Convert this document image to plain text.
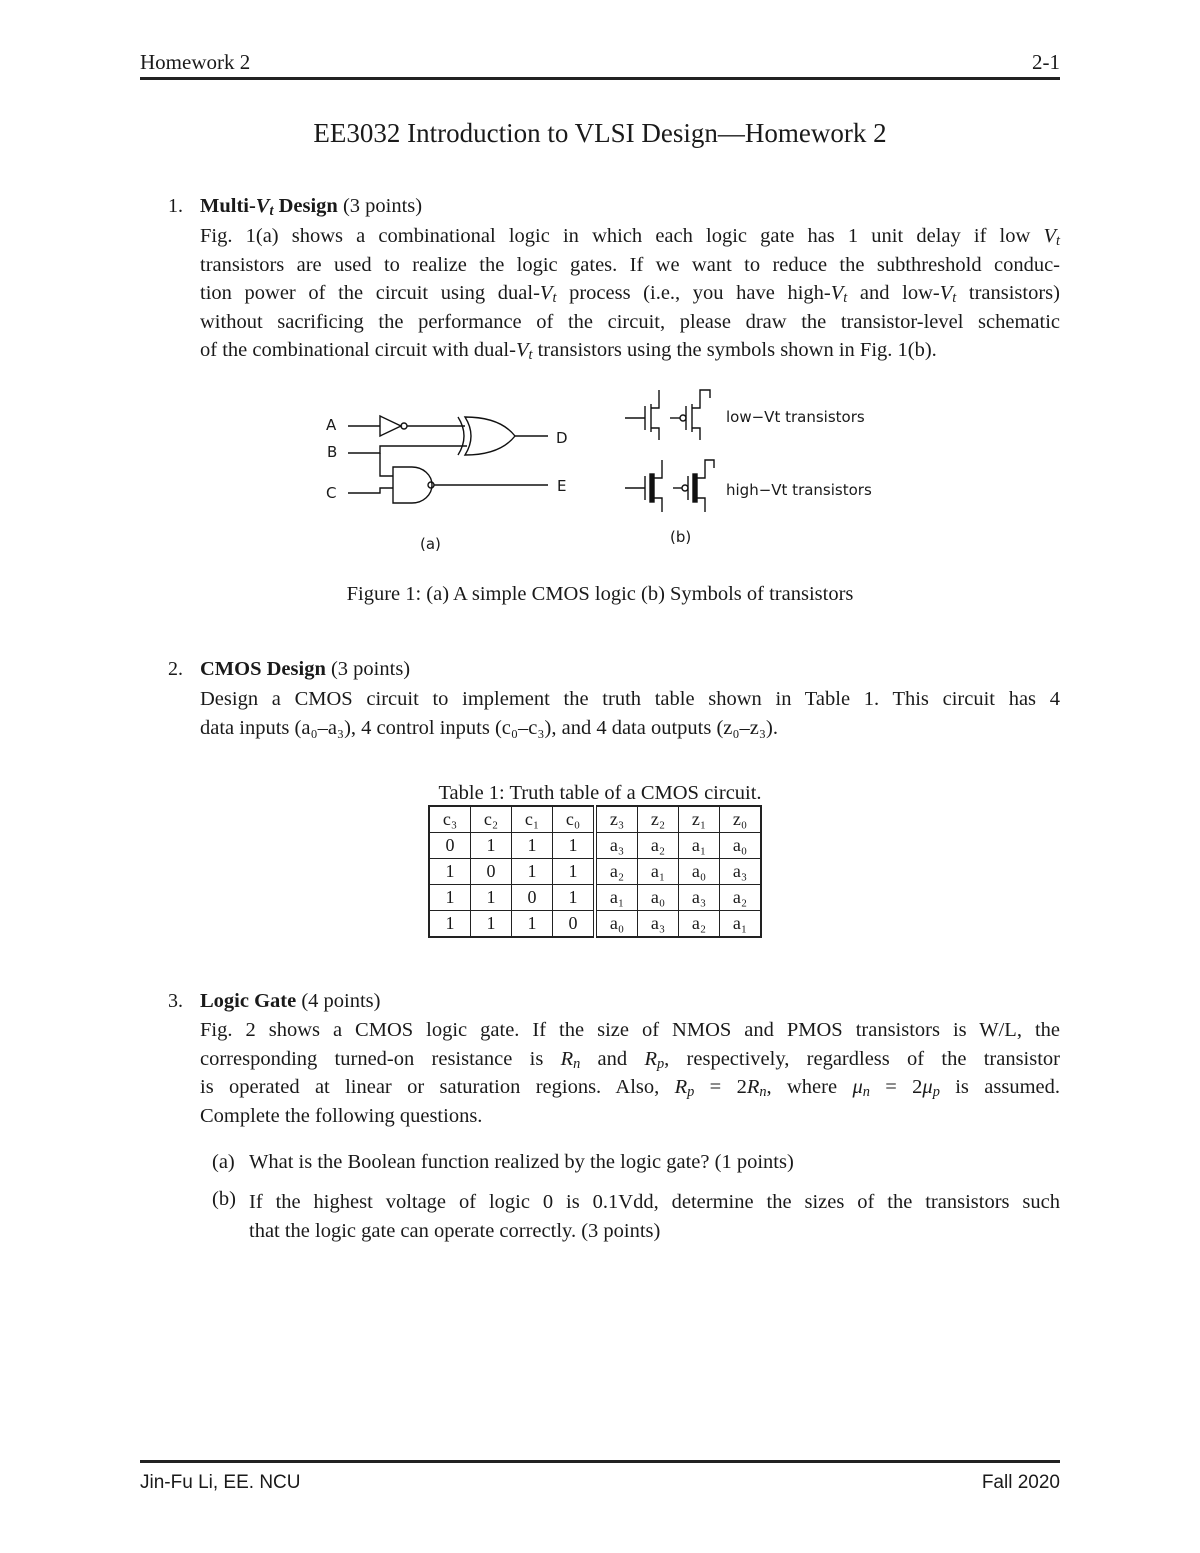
Homework 2	2-1
EE3032 Introduction to VLSI Design—Homework 2
1. Multi-$V_t$ Design (3 points)
Fig. 1(a) shows a combinational logic in which each logic gate has 1 unit delay if low $V_t$
transistors are used to realize the logic gates. If we want to reduce the subthreshold conduc-
tion power of the circuit using dual-$V_t$ process (i.e., you have high-$V_t$ and low-$V_t$ transistors)
without sacrificing the performance of the circuit, please draw the transistor-level schematic
of the combinational circuit with dual-$V_t$ transistors using the symbols shown in Fig. 1(b).
A
B
C
D
E
(a)
low−Vt transistors
high−Vt transistors
(b)
Figure 1: (a) A simple CMOS logic (b) Symbols of transistors
2. CMOS Design (3 points)
Design a CMOS circuit to implement the truth table shown in Table 1. This circuit has 4
data inputs (a₀–a₃), 4 control inputs (c₀–c₃), and 4 data outputs (z₀–z₃).
Table 1: Truth table of a CMOS circuit.
c₃	c₂	c₁	c₀	z₃	z₂	z₁	z₀
0	1	1	1	a₃	a₂	a₁	a₀
1	0	1	1	a₂	a₁	a₀	a₃
1	1	0	1	a₁	a₀	a₃	a₂
1	1	1	0	a₀	a₃	a₂	a₁
3. Logic Gate (4 points)
Fig. 2 shows a CMOS logic gate. If the size of NMOS and PMOS transistors is W/L, the
corresponding turned-on resistance is $R_n$ and $R_p$, respectively, regardless of the transistor
is operated at linear or saturation regions. Also, $R_p = 2R_n$, where $\mu_n = 2\mu_p$ is assumed.
Complete the following questions.
(a) What is the Boolean function realized by the logic gate? (1 points)
(b) If the highest voltage of logic 0 is 0.1Vdd, determine the sizes of the transistors such
that the logic gate can operate correctly. (3 points)
Jin-Fu Li, EE. NCU	Fall 2020
